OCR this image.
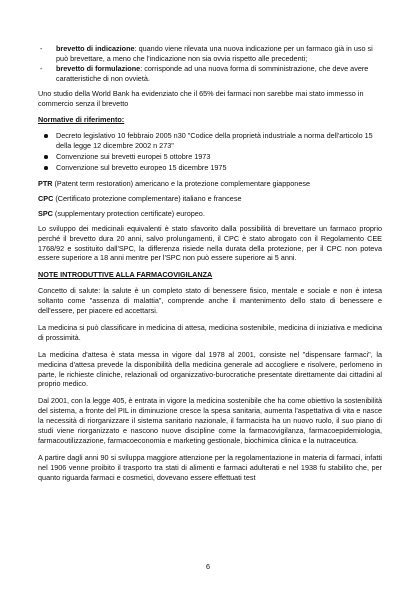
- brevetto di indicazione: quando viene rilevata una nuova indicazione per un farmaco già in uso si può brevettare, a meno che l'indicazione non sia ovvia rispetto alle precedenti;
- brevetto di formulazione: corrisponde ad una nuova forma di somministrazione, che deve avere caratteristiche di non ovvietà.

Uno studio della World Bank ha evidenziato che il 65% dei farmaci non sarebbe mai stato immesso in commercio senza il brevetto

Normative di riferimento:
Decreto legislativo 10 febbraio 2005 n30 "Codice della proprietà industriale a norma dell'articolo 15 della legge 12 dicembre 2002 n 273"
Convenzione sui brevetti europei 5 ottobre 1973
Convenzione sul brevetto europeo 15 dicembre 1975

PTR (Patent term restoration) americano e la protezione complementare giapponese

CPC (Certificato protezione complementare) italiano e francese

SPC (supplementary protection certificate) europeo.

Lo sviluppo dei medicinali equivalenti è stato sfavorito dalla possibilità di brevettare un farmaco proprio perché il brevetto dura 20 anni, salvo prolungamenti, il CPC è stato abrogato con il Regolamento CEE 1768/92 e sostituito dall'SPC, la differenza risiede nella durata della protezione, per il CPC non poteva essere superiore a 18 anni mentre per l'SPC non può essere superiore ai 5 anni.

NOTE INTRODUTTIVE ALLA FARMACOVIGILANZA

Concetto di salute: la salute è un completo stato di benessere fisico, mentale e sociale e non è intesa soltanto come "assenza di malattia", comprende anche il mantenimento dello stato di benessere e dell'essere, per piacere ed accettarsi.

La medicina si può classificare in medicina di attesa, medicina sostenibile, medicina di iniziativa e medicina di prossimità.

La medicina d'attesa è stata messa in vigore dal 1978 al 2001, consiste nel "dispensare farmaci", la medicina d'attesa prevede la disponibilità della medicina generale ad accogliere e risolvere, perlomeno in parte, le richieste cliniche, relazionali od organizzativo-burocratiche presentate direttamente dai cittadini al proprio medico.

Dal 2001, con la legge 405, è entrata in vigore la medicina sostenibile che ha come obiettivo la sostenibilità del sistema, a fronte del PIL in diminuzione cresce la spesa sanitaria, aumenta l'aspettativa di vita e nasce la necessità di riorganizzare il sistema sanitario nazionale, il farmacista ha un nuovo ruolo, il suo piano di studi viene riorganizzato e nascono nuove discipline come la farmacovigilanza, farmacoepidemiologia, farmacoutilizzazione, farmacoeconomia e marketing gestionale, biochimica clinica e la nutraceutica.

A partire dagli anni 90 si sviluppa maggiore attenzione per la regolamentazione in materia di farmaci, infatti nel 1906 venne proibito il trasporto tra stati di alimenti e farmaci adulterati e nel 1938 fu stabilito che, per quanto riguarda farmaci e cosmetici, dovevano essere effettuati test

6
